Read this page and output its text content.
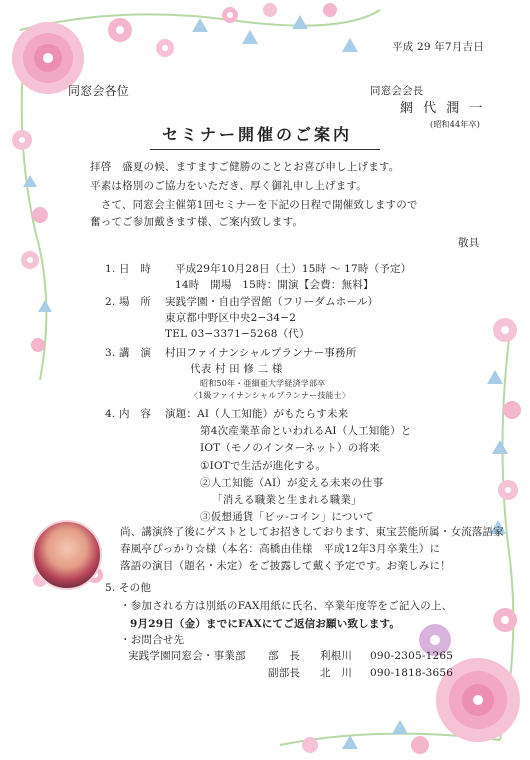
平成 29 年7月吉日
同窓会各位	同窓会会長
網 代 潤 一
(昭和44年卒)
セミナー開催のご案内
拝啓　盛夏の候、ますますご健勝のこととお喜び申し上げます。
平素は格別のご協力をいただき、厚く御礼申し上げます。
　さて、同窓会主催第1回セミナーを下記の日程で開催致しますので
奮ってご参加戴きます様、ご案内致します。
敬具
1. 日　時 平成29年10月28日（土）15時 ～ 17時（予定）
14時　開場　15時：開演【会費：無料】
2. 場　所 実践学園・自由学習館（フリーダムホール）
東京都中野区中央2−34−2
TEL 03−3371−5268（代）
3. 講　演 村田ファイナンシャルプランナー事務所
代表 村 田 修 二 様
昭和50年・亜細亜大学経済学部卒
〈1級ファイナンシャルプランナー技能士〉
4. 内　容 演題：AI（人工知能）がもたらす未来
第4次産業革命といわれるAI（人工知能）と
IOT（モノのインターネット）の将来
①IOTで生活が進化する。
②人工知能（AI）が変える未来の仕事
「消える職業と生まれる職業」
③仮想通貨「ビッ-コイン」について
尚、講演終了後にゲストとしてお招きしております、東宝芸能所属・女流落語家
春風亭ぴっかり☆様（本名：高橋由佳様　平成12年3月卒業生）に
落語の演目（題名・未定）をご披露して戴く予定です。お楽しみに！
5. その他
・参加される方は別紙のFAX用紙に氏名、卒業年度等をご記入の上、
9月29日（金）までにFAXにてご返信お願い致します。
・お問合せ先
実践学園同窓会・事業部 部　長 利根川 090-2305-1265
副部長 北　川 090-1818-3656
